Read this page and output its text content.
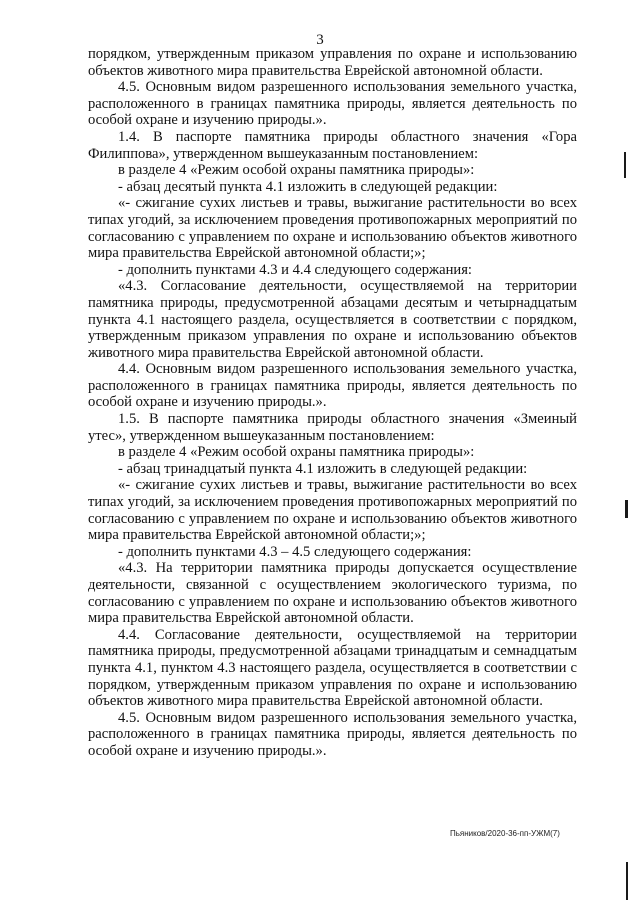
3

порядком, утвержденным приказом управления по охране и использованию объектов животного мира правительства Еврейской автономной области.

4.5. Основным видом разрешенного использования земельного участка, расположенного в границах памятника природы, является деятельность по особой охране и изучению природы.».

1.4. В паспорте памятника природы областного значения «Гора Филиппова», утвержденном вышеуказанным постановлением:

в разделе 4 «Режим особой охраны памятника природы»:

- абзац десятый пункта 4.1 изложить в следующей редакции:

«- сжигание сухих листьев и травы, выжигание растительности во всех типах угодий, за исключением проведения противопожарных мероприятий по согласованию с управлением по охране и использованию объектов животного мира правительства Еврейской автономной области;»;

- дополнить пунктами 4.3 и 4.4 следующего содержания:

«4.3. Согласование деятельности, осуществляемой на территории памятника природы, предусмотренной абзацами десятым и четырнадцатым пункта 4.1 настоящего раздела, осуществляется в соответствии с порядком, утвержденным приказом управления по охране и использованию объектов животного мира правительства Еврейской автономной области.

4.4. Основным видом разрешенного использования земельного участка, расположенного в границах памятника природы, является деятельность по особой охране и изучению природы.».

1.5. В паспорте памятника природы областного значения «Змеиный утес», утвержденном вышеуказанным постановлением:

в разделе 4 «Режим особой охраны памятника природы»:

- абзац тринадцатый пункта 4.1 изложить в следующей редакции:

«- сжигание сухих листьев и травы, выжигание растительности во всех типах угодий, за исключением проведения противопожарных мероприятий по согласованию с управлением по охране и использованию объектов животного мира правительства Еврейской автономной области;»;

- дополнить пунктами 4.3 – 4.5 следующего содержания:

«4.3. На территории памятника природы допускается осуществление деятельности, связанной с осуществлением экологического туризма, по согласованию с управлением по охране и использованию объектов животного мира правительства Еврейской автономной области.

4.4. Согласование деятельности, осуществляемой на территории памятника природы, предусмотренной абзацами тринадцатым и семнадцатым пункта 4.1, пунктом 4.3 настоящего раздела, осуществляется в соответствии с порядком, утвержденным приказом управления по охране и использованию объектов животного мира правительства Еврейской автономной области.

4.5. Основным видом разрешенного использования земельного участка, расположенного в границах памятника природы, является деятельность по особой охране и изучению природы.».

Пьяников/2020-36-пп-УЖМ(7)
